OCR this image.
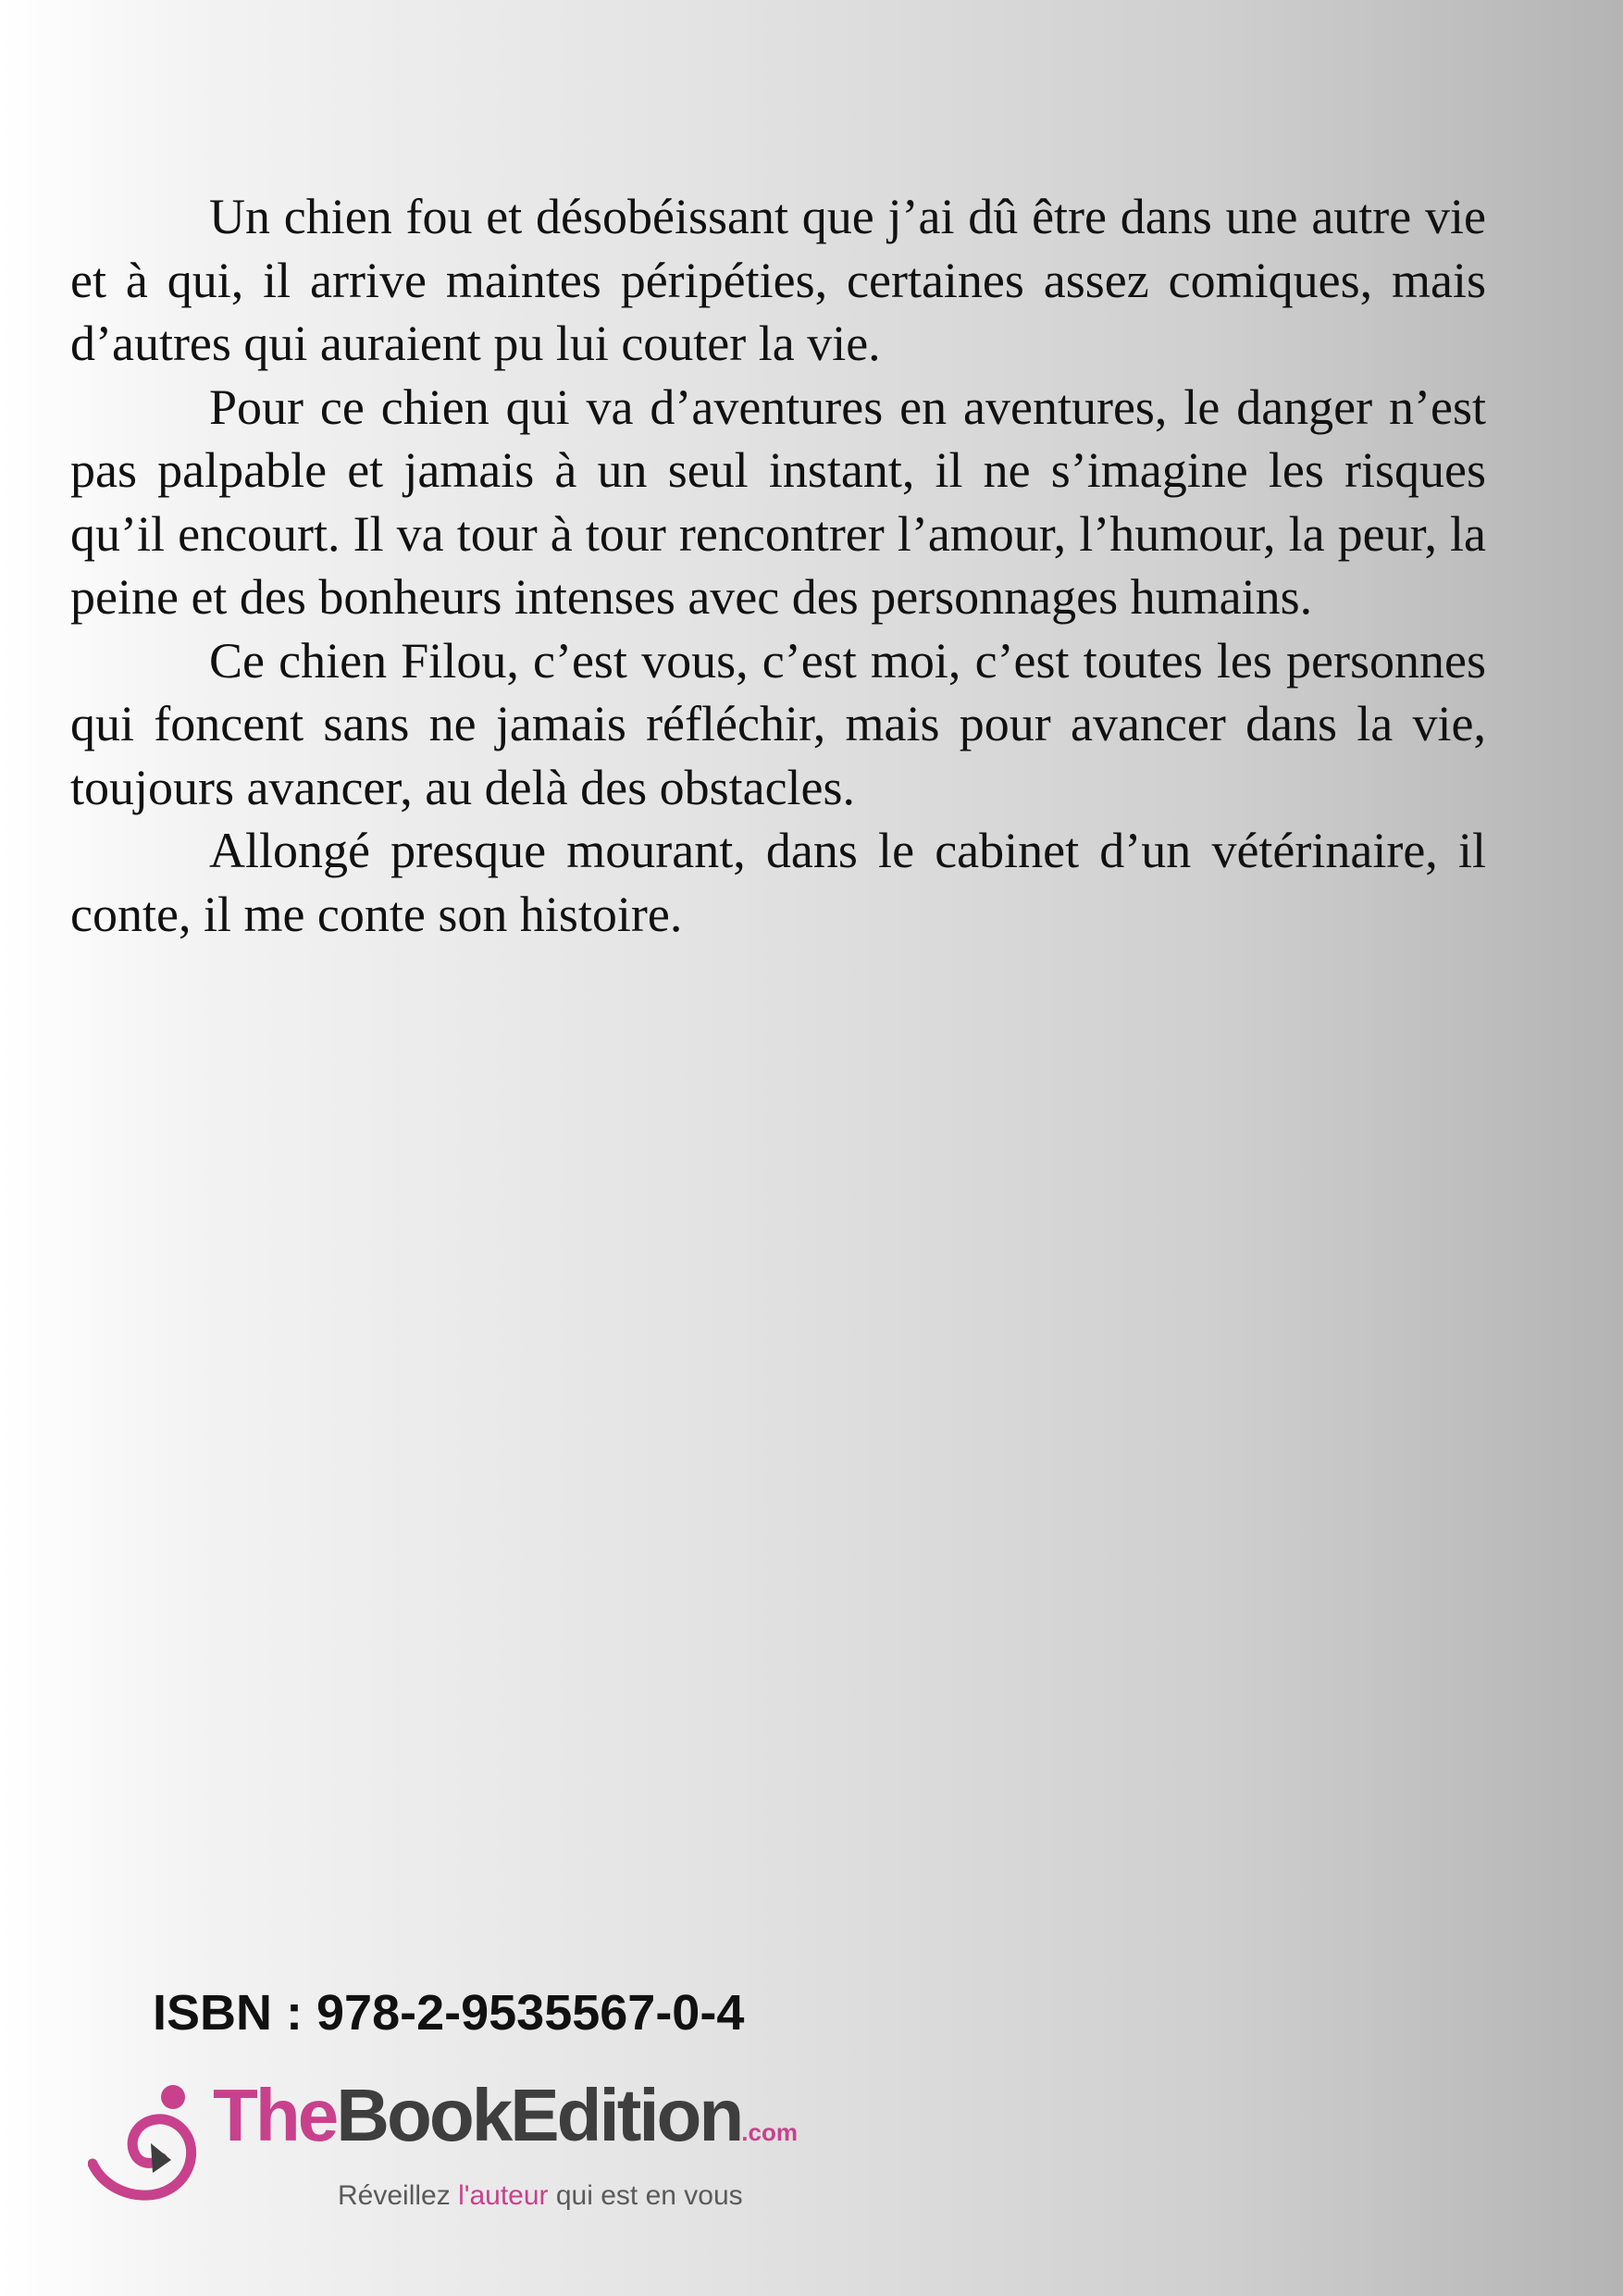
Un chien fou et désobéissant que j’ai dû être dans une autre vie et à qui, il arrive maintes péripéties, certaines assez comiques, mais d’autres qui auraient pu lui couter la vie.

Pour ce chien qui va d’aventures en aventures, le danger n’est pas palpable et jamais à un seul instant, il ne s’imagine les risques qu’il encourt. Il va tour à tour rencontrer l’amour, l’humour, la peur, la peine et des bonheurs intenses avec des personnages humains.

Ce chien Filou, c’est vous, c’est moi, c’est toutes les personnes qui foncent sans ne jamais réfléchir, mais pour avancer dans la vie, toujours avancer, au delà des obstacles.

Allongé presque mourant, dans le cabinet d’un vétérinaire, il conte, il me conte son histoire.

ISBN : 978-2-9535567-0-4
TheBookEdition.com
Réveillez l'auteur qui est en vous
